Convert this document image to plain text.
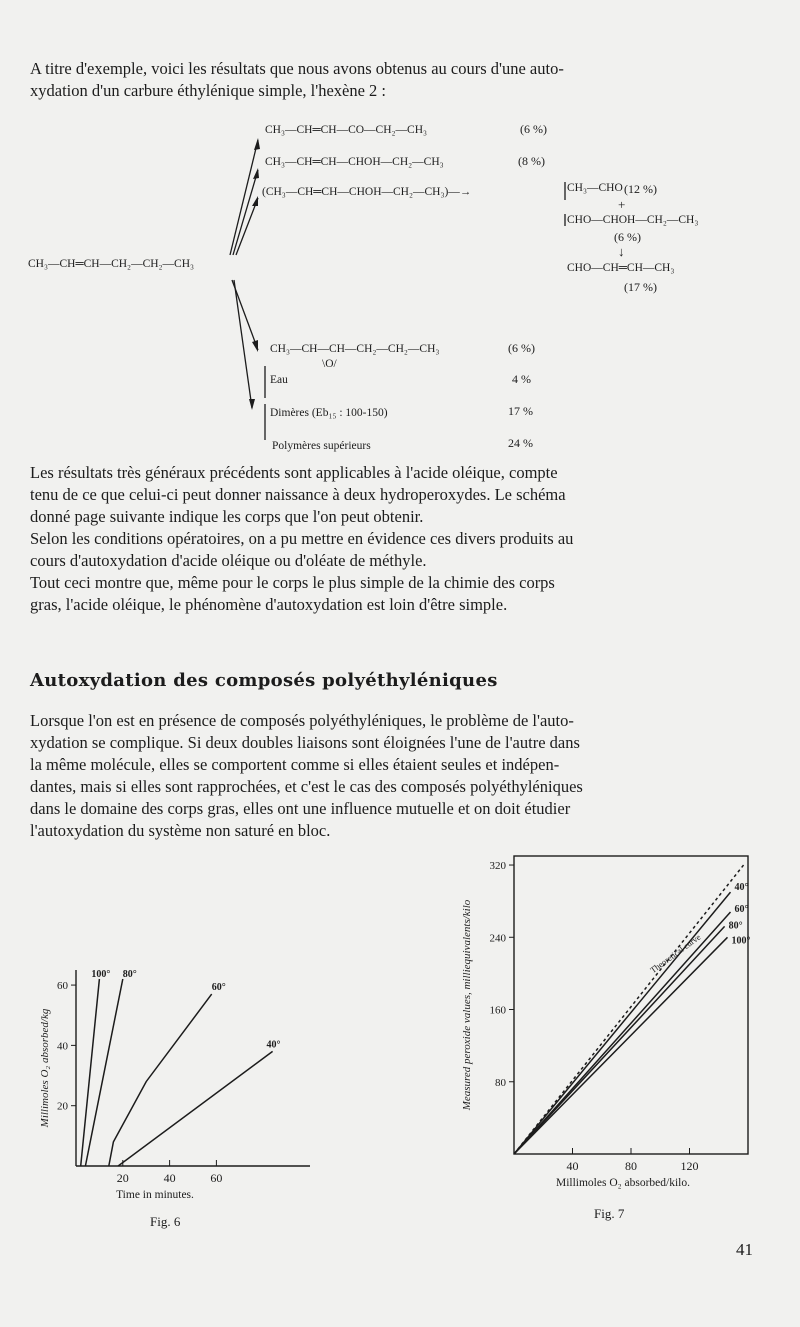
A titre d'exemple, voici les résultats que nous avons obtenus au cours d'une auto-
xydation d'un carbure éthylénique simple, l'hexène 2 :
CH₃—CH═CH—CH₂—CH₂—CH₃
CH₃—CH═CH—CO—CH₂—CH₃	(6 %)
CH₃—CH═CH—CHOH—CH₂—CH₃	(8 %)
(CH₃—CH═CH—CHOH—CH₂—CH₃)—→	CH₃—CHO (12 %)
+
CHO—CHOH—CH₂—CH₃
(6 %)
↓
CHO—CH═CH—CH₃
(17 %)
CH₃—CH—CH—CH₂—CH₂—CH₃
\O/
(6 %)
Eau	4 %
Dimères (Eb₁₅ : 100-150)	17 %
Polymères supérieurs	24 %
Les résultats très généraux précédents sont applicables à l'acide oléique, compte
tenu de ce que celui-ci peut donner naissance à deux hydroperoxydes. Le schéma
donné page suivante indique les corps que l'on peut obtenir.
Selon les conditions opératoires, on a pu mettre en évidence ces divers produits au
cours d'autoxydation d'acide oléique ou d'oléate de méthyle.
Tout ceci montre que, même pour le corps le plus simple de la chimie des corps
gras, l'acide oléique, le phénomène d'autoxydation est loin d'être simple.
Autoxydation des composés polyéthyléniques
Lorsque l'on est en présence de composés polyéthyléniques, le problème de l'auto-
xydation se complique. Si deux doubles liaisons sont éloignées l'une de l'autre dans
la même molécule, elles se comportent comme si elles étaient seules et indépen-
dantes, mais si elles sont rapprochées, et c'est le cas des composés polyéthyléniques
dans le domaine des corps gras, elles ont une influence mutuelle et on doit étudier
l'autoxydation du système non saturé en bloc.
20	40	60
20
40
60
Time in minutes.
Millimoles O₂ absorbed/kg
100° 80°
60°
40°
Fig. 6
40	80	120
80
160
240
320
Millimoles O₂ absorbed/kilo.
Measured peroxide values, milliequivalents/kilo
40°
60°
80°
100°
Theoretical curve
Fig. 7
41
